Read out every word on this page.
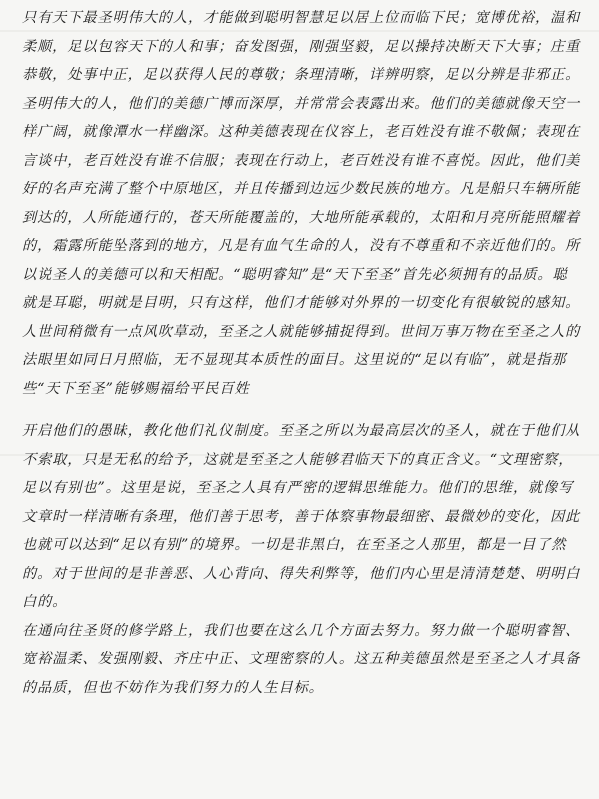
只有天下最圣明伟大的人，才能做到聪明智慧足以居上位而临下民；宽博优裕，温和柔顺，足以包容天下的人和事；奋发图强，刚强坚毅，足以操持决断天下大事；庄重恭敬，处事中正，足以获得人民的尊敬；条理清晰，详辨明察，足以分辨是非邪正。圣明伟大的人，他们的美德广博而深厚，并常常会表露出来。他们的美德就像天空一样广阔，就像潭水一样幽深。这种美德表现在仪容上，老百姓没有谁不敬佩；表现在言谈中，老百姓没有谁不信服；表现在行动上，老百姓没有谁不喜悦。因此，他们美好的名声充满了整个中原地区，并且传播到边远少数民族的地方。凡是船只车辆所能到达的，人所能通行的，苍天所能覆盖的，大地所能承载的，太阳和月亮所能照耀着的，霜露所能坠落到的地方，凡是有血气生命的人，没有不尊重和不亲近他们的。所以说圣人的美德可以和天相配。“聪明睿知”是“天下至圣”首先必须拥有的品质。聪就是耳聪，明就是目明，只有这样，他们才能够对外界的一切变化有很敏锐的感知。人世间稍微有一点风吹草动，至圣之人就能够捕捉得到。世间万事万物在至圣之人的法眼里如同日月照临，无不显现其本质性的面目。这里说的“足以有临”，就是指那些“天下至圣”能够赐福给平民百姓

开启他们的愚昧，教化他们礼仪制度。至圣之所以为最高层次的圣人，就在于他们从不索取，只是无私的给予，这就是至圣之人能够君临天下的真正含义。“文理密察，足以有别也”。这里是说，至圣之人具有严密的逻辑思维能力。他们的思维，就像写文章时一样清晰有条理，他们善于思考，善于体察事物最细密、最微妙的变化，因此也就可以达到“足以有别”的境界。一切是非黑白，在至圣之人那里，都是一目了然的。对于世间的是非善恶、人心背向、得失利弊等，他们内心里是清清楚楚、明明白白的。

在通向往圣贤的修学路上，我们也要在这么几个方面去努力。努力做一个聪明睿智、宽裕温柔、发强刚毅、齐庄中正、文理密察的人。这五种美德虽然是至圣之人才具备的品质，但也不妨作为我们努力的人生目标。
